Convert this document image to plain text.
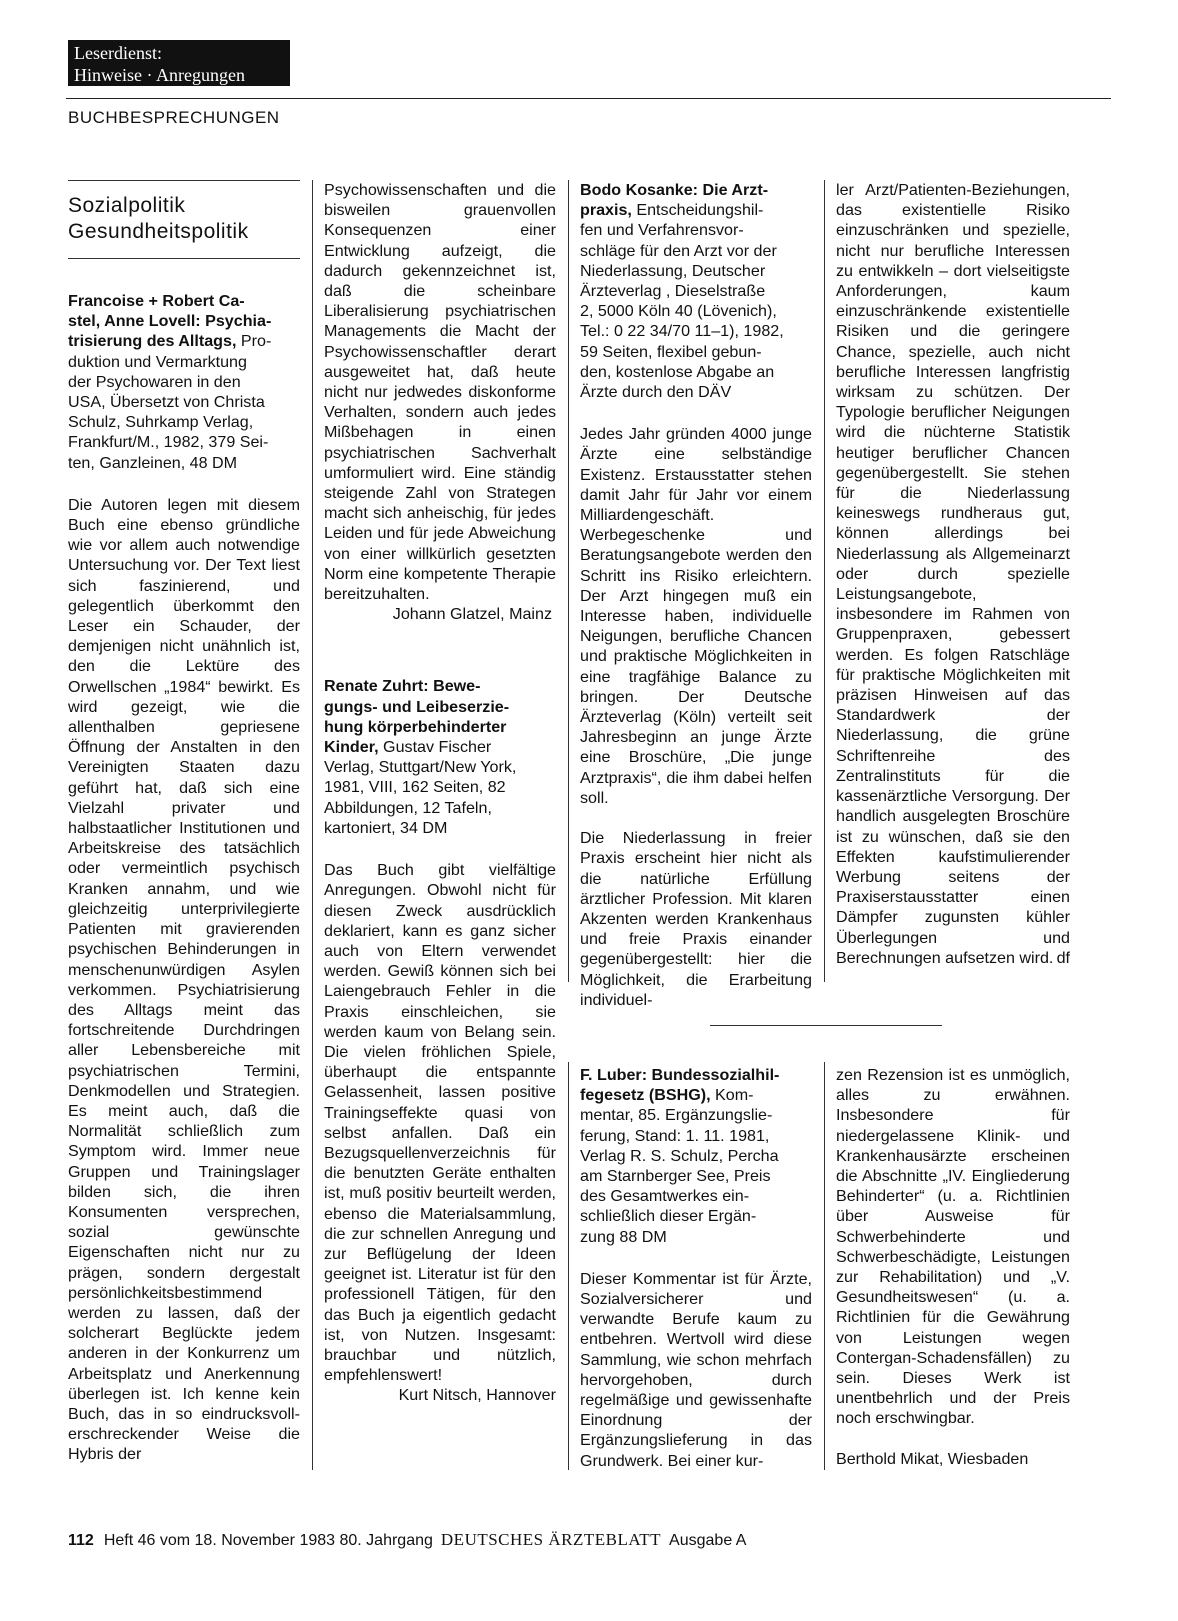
Leserdienst:
Hinweise · Anregungen
BUCHBESPRECHUNGEN
Sozialpolitik
Gesundheitspolitik
Francoise + Robert Ca-
stel, Anne Lovell: Psychia-
trisierung des Alltags, Pro-
duktion und Vermarktung
der Psychowaren in den
USA, Übersetzt von Christa
Schulz, Suhrkamp Verlag,
Frankfurt/M., 1982, 379 Sei-
ten, Ganzleinen, 48 DM

Die Autoren legen mit diesem Buch eine ebenso gründliche wie vor allem auch notwendige Untersuchung vor. Der Text liest sich faszinierend, und gelegentlich überkommt den Leser ein Schauder, der demjenigen nicht unähnlich ist, den die Lektüre des Orwellschen „1984“ bewirkt. Es wird gezeigt, wie die allenthalben gepriesene Öffnung der Anstalten in den Vereinigten Staaten dazu geführt hat, daß sich eine Vielzahl privater und halbstaatlicher Institutionen und Arbeitskreise des tatsächlich oder vermeintlich psychisch Kranken annahm, und wie gleichzeitig unterprivilegierte Patienten mit gravierenden psychischen Behinderungen in menschenunwürdigen Asylen verkommen. Psychiatrisierung des Alltags meint das fortschreitende Durchdringen aller Lebensbereiche mit psychiatrischen Termini, Denkmodellen und Strategien. Es meint auch, daß die Normalität schließlich zum Symptom wird. Immer neue Gruppen und Trainingslager bilden sich, die ihren Konsumenten versprechen, sozial gewünschte Eigenschaften nicht nur zu prägen, sondern dergestalt persönlichkeitsbestimmend werden zu lassen, daß der solcherart Beglückte jedem anderen in der Konkurrenz um Arbeitsplatz und Anerkennung überlegen ist. Ich kenne kein Buch, das in so eindrucksvoll-erschreckender Weise die Hybris der

Psychowissenschaften und die bisweilen grauenvollen Konsequenzen einer Entwicklung aufzeigt, die dadurch gekennzeichnet ist, daß die scheinbare Liberalisierung psychiatrischen Managements die Macht der Psychowissenschaftler derart ausgeweitet hat, daß heute nicht nur jedwedes diskonforme Verhalten, sondern auch jedes Mißbehagen in einen psychiatrischen Sachverhalt umformuliert wird. Eine ständig steigende Zahl von Strategen macht sich anheischig, für jedes Leiden und für jede Abweichung von einer willkürlich gesetzten Norm eine kompetente Therapie bereitzuhalten.

Johann Glatzel, Mainz
Renate Zuhrt: Bewe-
gungs- und Leibeserzie-
hung körperbehinderter
Kinder, Gustav Fischer
Verlag, Stuttgart/New York,
1981, VIII, 162 Seiten, 82
Abbildungen, 12 Tafeln,
kartoniert, 34 DM

Das Buch gibt vielfältige Anregungen. Obwohl nicht für diesen Zweck ausdrücklich deklariert, kann es ganz sicher auch von Eltern verwendet werden. Gewiß können sich bei Laiengebrauch Fehler in die Praxis einschleichen, sie werden kaum von Belang sein. Die vielen fröhlichen Spiele, überhaupt die entspannte Gelassenheit, lassen positive Trainingseffekte quasi von selbst anfallen. Daß ein Bezugsquellenverzeichnis für die benutzten Geräte enthalten ist, muß positiv beurteilt werden, ebenso die Materialsammlung, die zur schnellen Anregung und zur Beflügelung der Ideen geeignet ist. Literatur ist für den professionell Tätigen, für den das Buch ja eigentlich gedacht ist, von Nutzen. Insgesamt: brauchbar und nützlich, empfehlenswert!

Kurt Nitsch, Hannover
Bodo Kosanke: Die Arzt-
praxis, Entscheidungshil-
fen und Verfahrensvor-
schläge für den Arzt vor der
Niederlassung, Deutscher
Ärzteverlag , Dieselstraße
2, 5000 Köln 40 (Lövenich),
Tel.: 0 22 34/70 11–1), 1982,
59 Seiten, flexibel gebun-
den, kostenlose Abgabe an
Ärzte durch den DÄV

Jedes Jahr gründen 4000 junge Ärzte eine selbständige Existenz. Erstausstatter stehen damit Jahr für Jahr vor einem Milliardengeschäft. Werbegeschenke und Beratungsangebote werden den Schritt ins Risiko erleichtern. Der Arzt hingegen muß ein Interesse haben, individuelle Neigungen, berufliche Chancen und praktische Möglichkeiten in eine tragfähige Balance zu bringen. Der Deutsche Ärzteverlag (Köln) verteilt seit Jahresbeginn an junge Ärzte eine Broschüre, „Die junge Arztpraxis“, die ihm dabei helfen soll.

Die Niederlassung in freier Praxis erscheint hier nicht als die natürliche Erfüllung ärztlicher Profession. Mit klaren Akzenten werden Krankenhaus und freie Praxis einander gegenübergestellt: hier die Möglichkeit, die Erarbeitung individuel-

ler Arzt/Patienten-Beziehungen, das existentielle Risiko einzuschränken und spezielle, nicht nur berufliche Interessen zu entwikkeln – dort vielseitigste Anforderungen, kaum einzuschränkende existentielle Risiken und die geringere Chance, spezielle, auch nicht berufliche Interessen langfristig wirksam zu schützen. Der Typologie beruflicher Neigungen wird die nüchterne Statistik heutiger beruflicher Chancen gegenübergestellt. Sie stehen für die Niederlassung keineswegs rundheraus gut, können allerdings bei Niederlassung als Allgemeinarzt oder durch spezielle Leistungsangebote, insbesondere im Rahmen von Gruppenpraxen, gebessert werden. Es folgen Ratschläge für praktische Möglichkeiten mit präzisen Hinweisen auf das Standardwerk der Niederlassung, die grüne Schriftenreihe des Zentralinstituts für die kassenärztliche Versorgung. Der handlich ausgelegten Broschüre ist zu wünschen, daß sie den Effekten kaufstimulierender Werbung seitens der Praxiserstausstatter einen Dämpfer zugunsten kühler Überlegungen und Berechnungen aufsetzen wird. df

F. Luber: Bundessozialhil-
fegesetz (BSHG), Kom-
mentar, 85. Ergänzungslie-
ferung, Stand: 1. 11. 1981,
Verlag R. S. Schulz, Percha
am Starnberger See, Preis
des Gesamtwerkes ein-
schließlich dieser Ergän-
zung 88 DM

Dieser Kommentar ist für Ärzte, Sozialversicherer und verwandte Berufe kaum zu entbehren. Wertvoll wird diese Sammlung, wie schon mehrfach hervorgehoben, durch regelmäßige und gewissenhafte Einordnung der Ergänzungslieferung in das Grundwerk. Bei einer kur-

zen Rezension ist es unmöglich, alles zu erwähnen. Insbesondere für niedergelassene Klinik- und Krankenhausärzte erscheinen die Abschnitte „IV. Eingliederung Behinderter“ (u. a. Richtlinien über Ausweise für Schwerbehinderte und Schwerbeschädigte, Leistungen zur Rehabilitation) und „V. Gesundheitswesen“ (u. a. Richtlinien für die Gewährung von Leistungen wegen Contergan-Schadensfällen) zu sein. Dieses Werk ist unentbehrlich und der Preis noch erschwingbar.

Berthold Mikat, Wiesbaden
112 Heft 46 vom 18. November 1983 80. Jahrgang DEUTSCHES ÄRZTEBLATT Ausgabe A
